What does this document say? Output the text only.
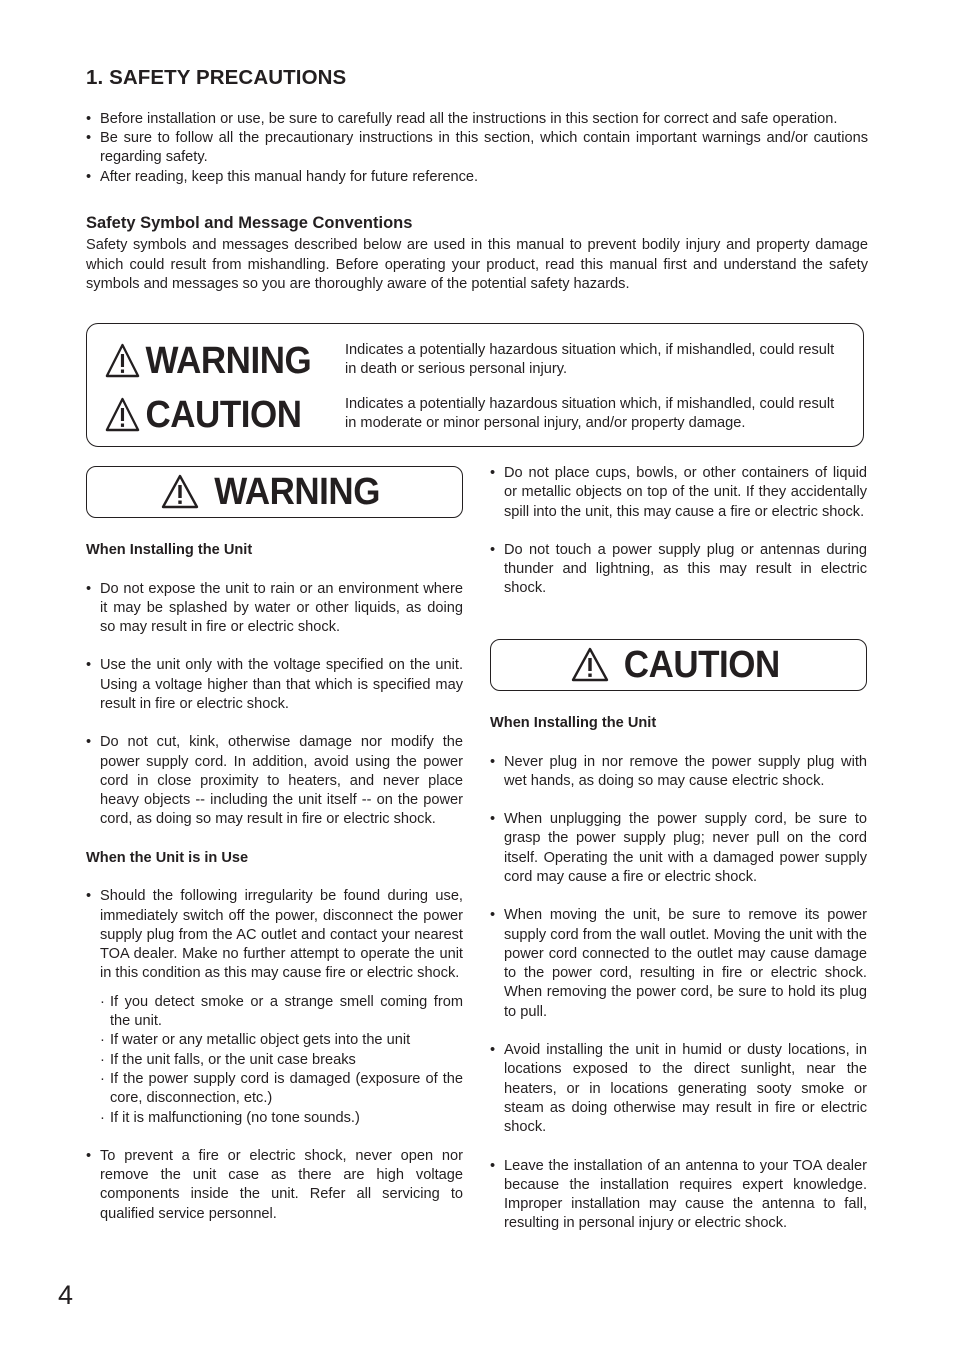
1. SAFETY PRECAUTIONS
• Before installation or use, be sure to carefully read all the instructions in this section for correct and safe operation.
• Be sure to follow all the precautionary instructions in this section, which contain important warnings and/or cautions regarding safety.
• After reading, keep this manual handy for future reference.
Safety Symbol and Message Conventions

Safety symbols and messages described below are used in this manual to prevent bodily injury and property damage which could result from mishandling. Before operating your product, read this manual first and understand the safety symbols and messages so you are thoroughly aware of the potential safety hazards.

WARNING Indicates a potentially hazardous situation which, if mishandled, could result in death or serious personal injury.

CAUTION	Indicates a potentially hazardous situation which, if mishandled, could result in moderate or minor personal injury, and/or property damage.

WARNING
When Installing the Unit
• Do not expose the unit to rain or an environment where it may be splashed by water or other liquids, as doing so may result in fire or electric shock.
• Use the unit only with the voltage specified on the unit. Using a voltage higher than that which is specified may result in fire or electric shock.
• Do not cut, kink, otherwise damage nor modify the power supply cord. In addition, avoid using the power cord in close proximity to heaters, and never place heavy objects -- including the unit itself -- on the power cord, as doing so may result in fire or electric shock.
When the Unit is in Use
• Should the following irregularity be found during use, immediately switch off the power, disconnect the power supply plug from the AC outlet and contact your nearest TOA dealer. Make no further attempt to operate the unit in this condition as this may cause fire or electric shock.
· If you detect smoke or a strange smell coming from the unit.
· If water or any metallic object gets into the unit
· If the unit falls, or the unit case breaks
· If the power supply cord is damaged (exposure of the core, disconnection, etc.)
· If it is malfunctioning (no tone sounds.)
• To prevent a fire or electric shock, never open nor remove the unit case as there are high voltage components inside the unit. Refer all servicing to qualified service personnel.
• Do not place cups, bowls, or other containers of liquid or metallic objects on top of the unit. If they accidentally spill into the unit, this may cause a fire or electric shock.
• Do not touch a power supply plug or antennas during thunder and lightning, as this may result in electric shock.
CAUTION
When Installing the Unit
• Never plug in nor remove the power supply plug with wet hands, as doing so may cause electric shock.
• When unplugging the power supply cord, be sure to grasp the power supply plug; never pull on the cord itself. Operating the unit with a damaged power supply cord may cause a fire or electric shock.
• When moving the unit, be sure to remove its power supply cord from the wall outlet. Moving the unit with the power cord connected to the outlet may cause damage to the power cord, resulting in fire or electric shock. When removing the power cord, be sure to hold its plug to pull.
• Avoid installing the unit in humid or dusty locations, in locations exposed to the direct sunlight, near the heaters, or in locations generating sooty smoke or steam as doing otherwise may result in fire or electric shock.
• Leave the installation of an antenna to your TOA dealer because the installation requires expert knowledge. Improper installation may cause the antenna to fall, resulting in personal injury or electric shock.

4
